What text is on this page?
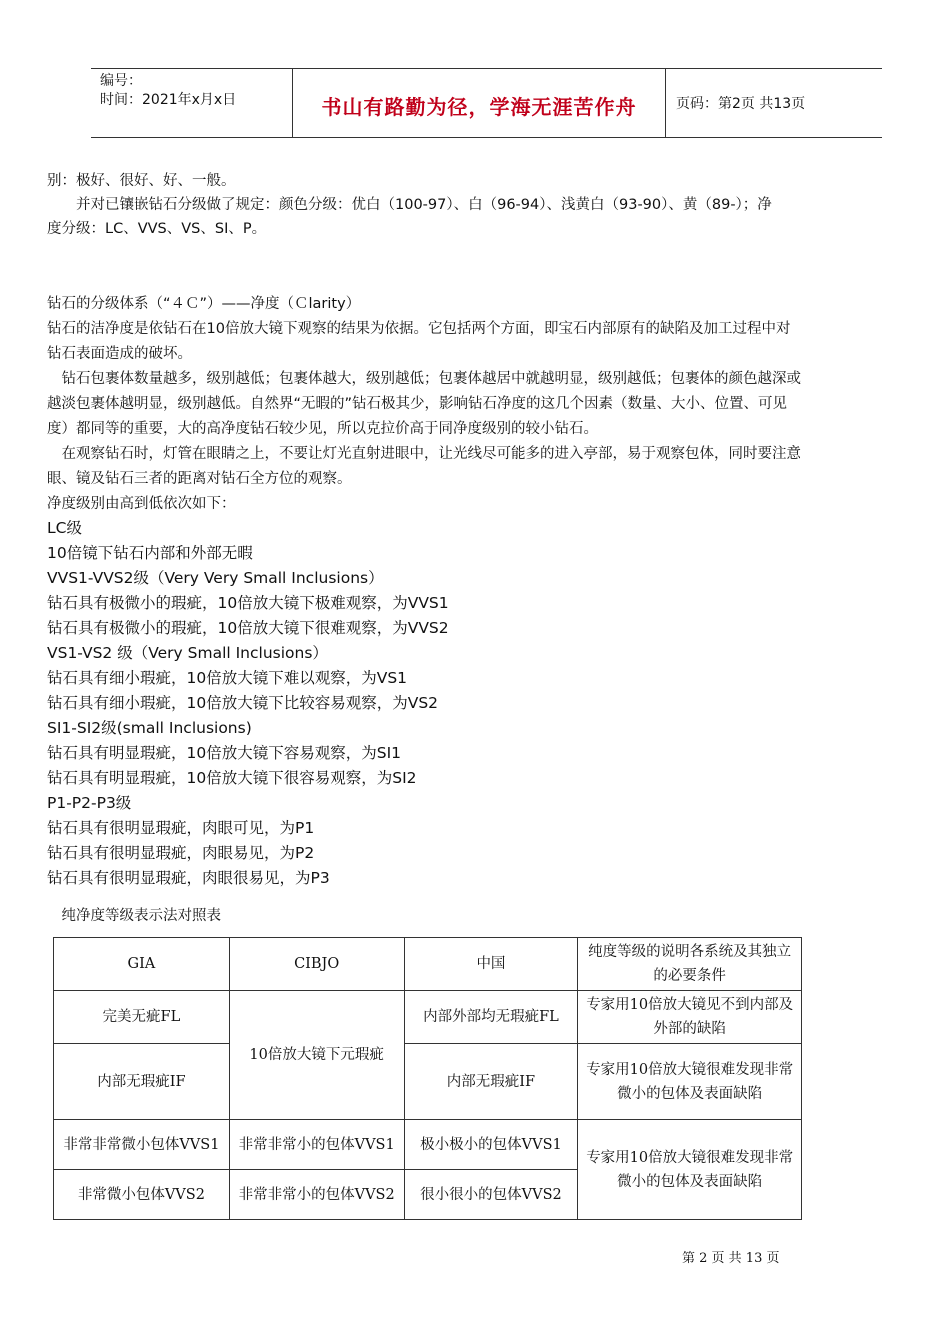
编号：
时间：2021年x月x日	书山有路勤为径，学海无涯苦作舟	页码：第2页 共13页
别：极好、很好、好、一般。
　　并对已镶嵌钻石分级做了规定：颜色分级：优白（100-97）、白（96-94）、浅黄白（93-90）、黄（89-）；净
度分级：LC、VVS、VS、SI、P。
钻石的分级体系（“４Ｃ”）——净度（Ｃlarity）
钻石的洁净度是依钻石在10倍放大镜下观察的结果为依据。它包括两个方面，即宝石内部原有的缺陷及加工过程中对
钻石表面造成的破坏。
　钻石包裹体数量越多，级别越低；包裹体越大，级别越低；包裹体越居中就越明显，级别越低；包裹体的颜色越深或
越淡包裹体越明显，级别越低。自然界“无暇的”钻石极其少，影响钻石净度的这几个因素（数量、大小、位置、可见
度）都同等的重要，大的高净度钻石较少见，所以克拉价高于同净度级别的较小钻石。
　在观察钻石时，灯管在眼睛之上，不要让灯光直射进眼中，让光线尽可能多的进入亭部，易于观察包体，同时要注意
眼、镜及钻石三者的距离对钻石全方位的观察。
净度级别由高到低依次如下：
LC级
10倍镜下钻石内部和外部无暇
VVS1-VVS2级（Very Very Small Inclusions）
钻石具有极微小的瑕疵，10倍放大镜下极难观察，为VVS1
钻石具有极微小的瑕疵，10倍放大镜下很难观察，为VVS2
VS1-VS2 级（Very Small Inclusions）
钻石具有细小瑕疵，10倍放大镜下难以观察，为VS1
钻石具有细小瑕疵，10倍放大镜下比较容易观察，为VS2
SI1-SI2级(small Inclusions)
钻石具有明显瑕疵，10倍放大镜下容易观察，为SI1
钻石具有明显瑕疵，10倍放大镜下很容易观察，为SI2
P1-P2-P3级
钻石具有很明显瑕疵，肉眼可见，为P1
钻石具有很明显瑕疵，肉眼易见，为P2
钻石具有很明显瑕疵，肉眼很易见，为P3
　纯净度等级表示法对照表
GIA	CIBJO	中国	纯度等级的说明各系统及其独立的必要条件
完美无疵FL	10倍放大镜下元瑕疵	内部外部均无瑕疵FL	专家用10倍放大镜见不到内部及外部的缺陷
内部无瑕疵IF		内部无瑕疵IF	专家用10倍放大镜很难发现非常微小的包体及表面缺陷
非常非常微小包体VVS1	非常非常小的包体VVS1	极小极小的包体VVS1	专家用10倍放大镜很难发现非常微小的包体及表面缺陷
非常微小包体VVS2	非常非常小的包体VVS2	很小很小的包体VVS2	
第 2 页 共 13 页
